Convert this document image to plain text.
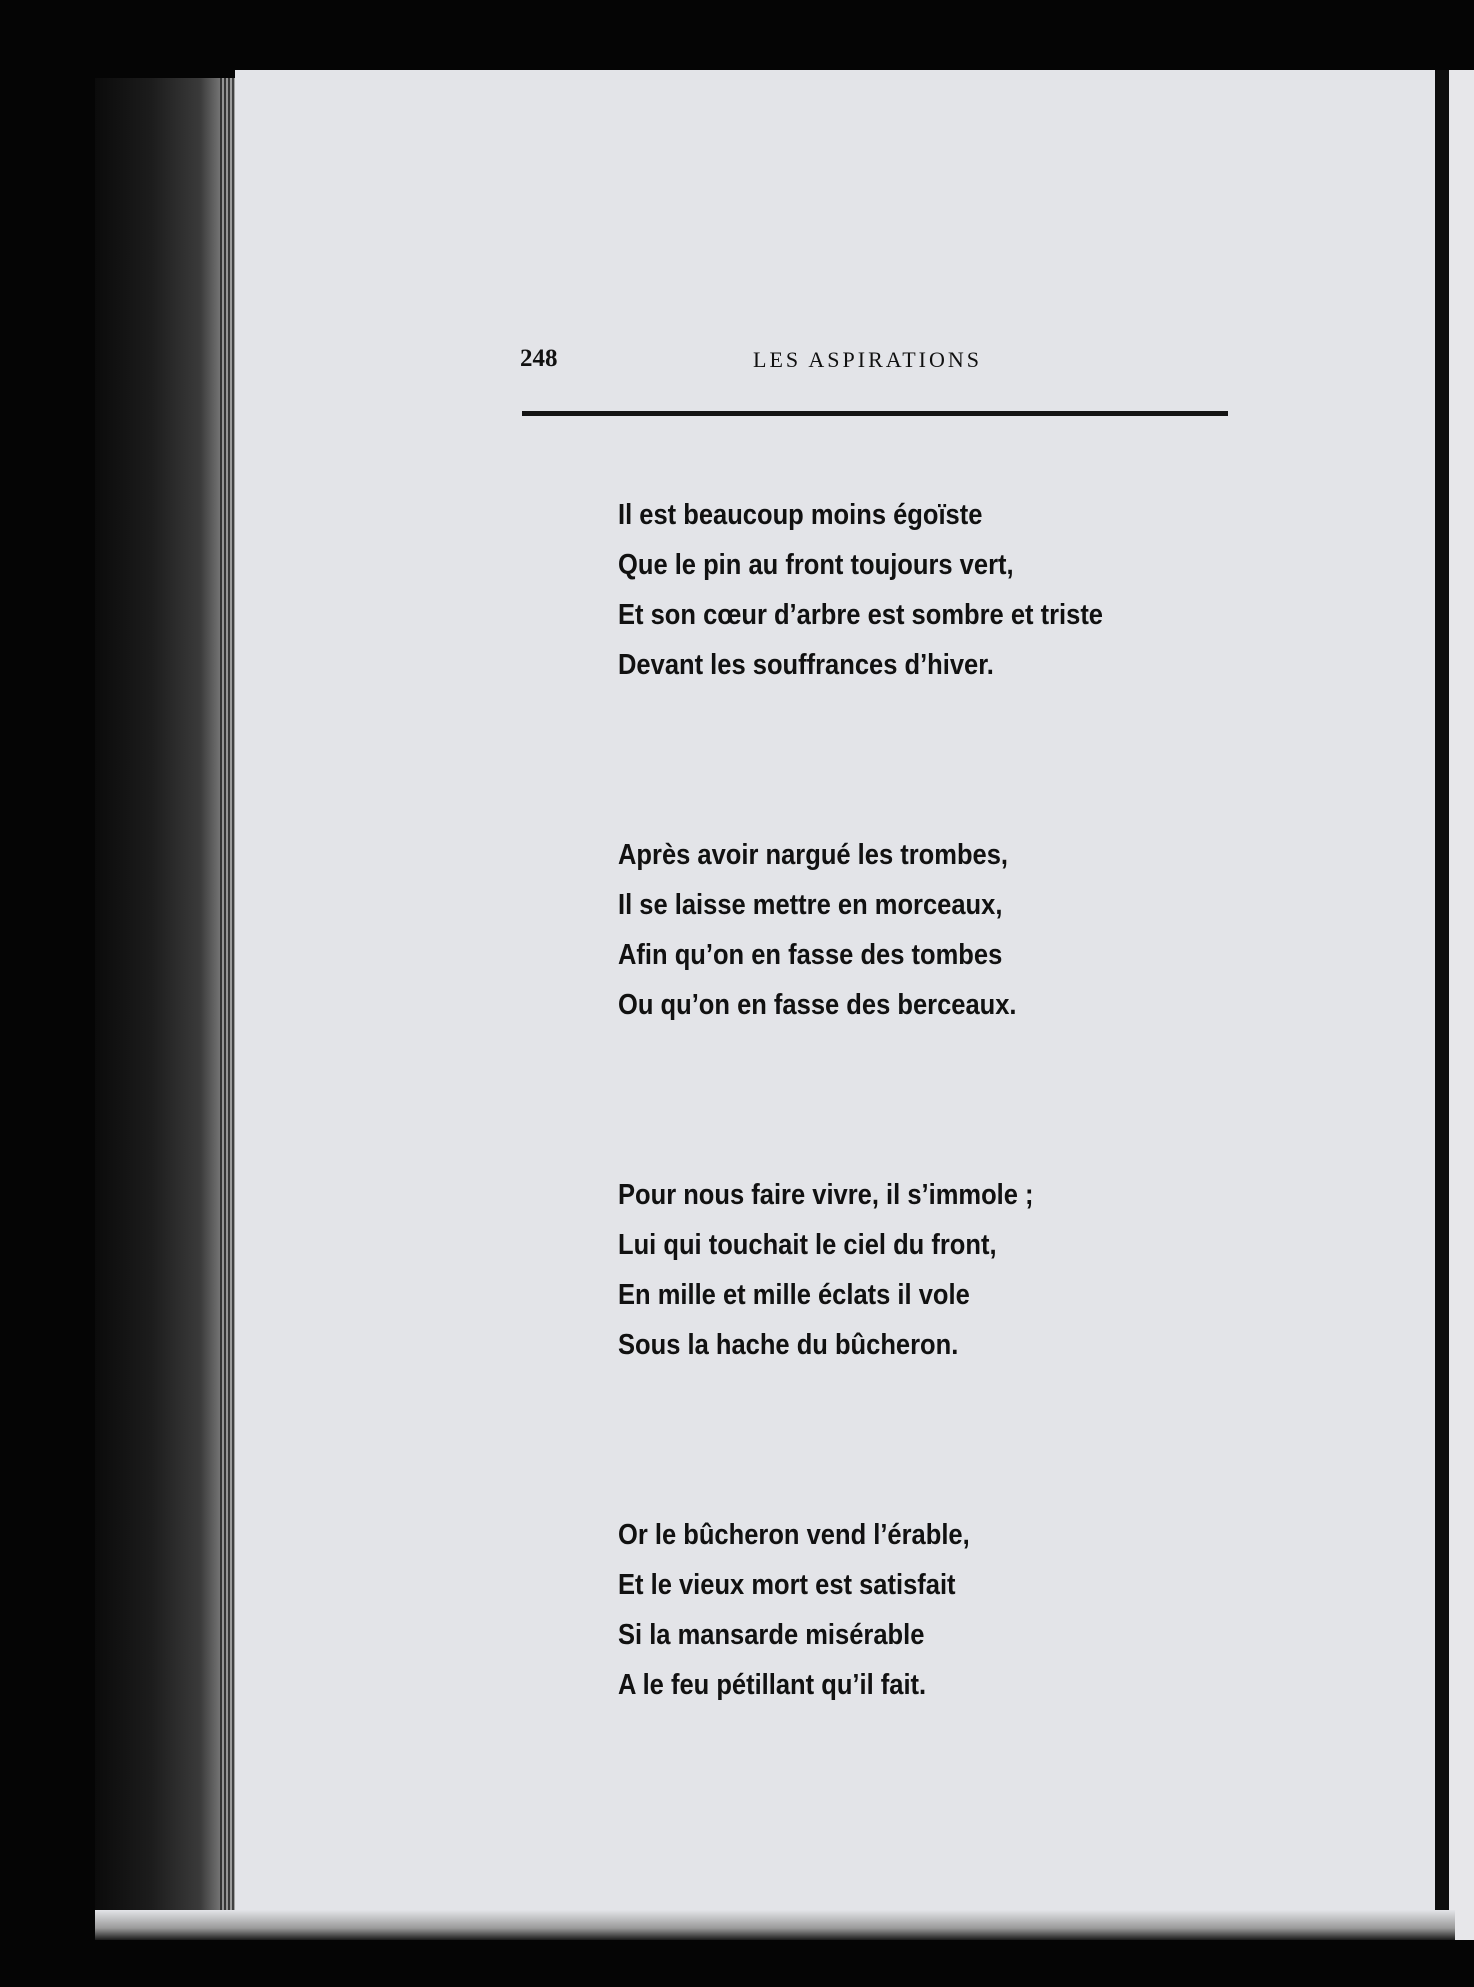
248	LES ASPIRATIONS
Il est beaucoup moins égoïste
Que le pin au front toujours vert,
Et son cœur d’arbre est sombre et triste
Devant les souffrances d’hiver.
Après avoir nargué les trombes,
Il se laisse mettre en morceaux,
Afin qu’on en fasse des tombes
Ou qu’on en fasse des berceaux.
Pour nous faire vivre, il s’immole ;
Lui qui touchait le ciel du front,
En mille et mille éclats il vole
Sous la hache du bûcheron.
Or le bûcheron vend l’érable,
Et le vieux mort est satisfait
Si la mansarde misérable
A le feu pétillant qu’il fait.
